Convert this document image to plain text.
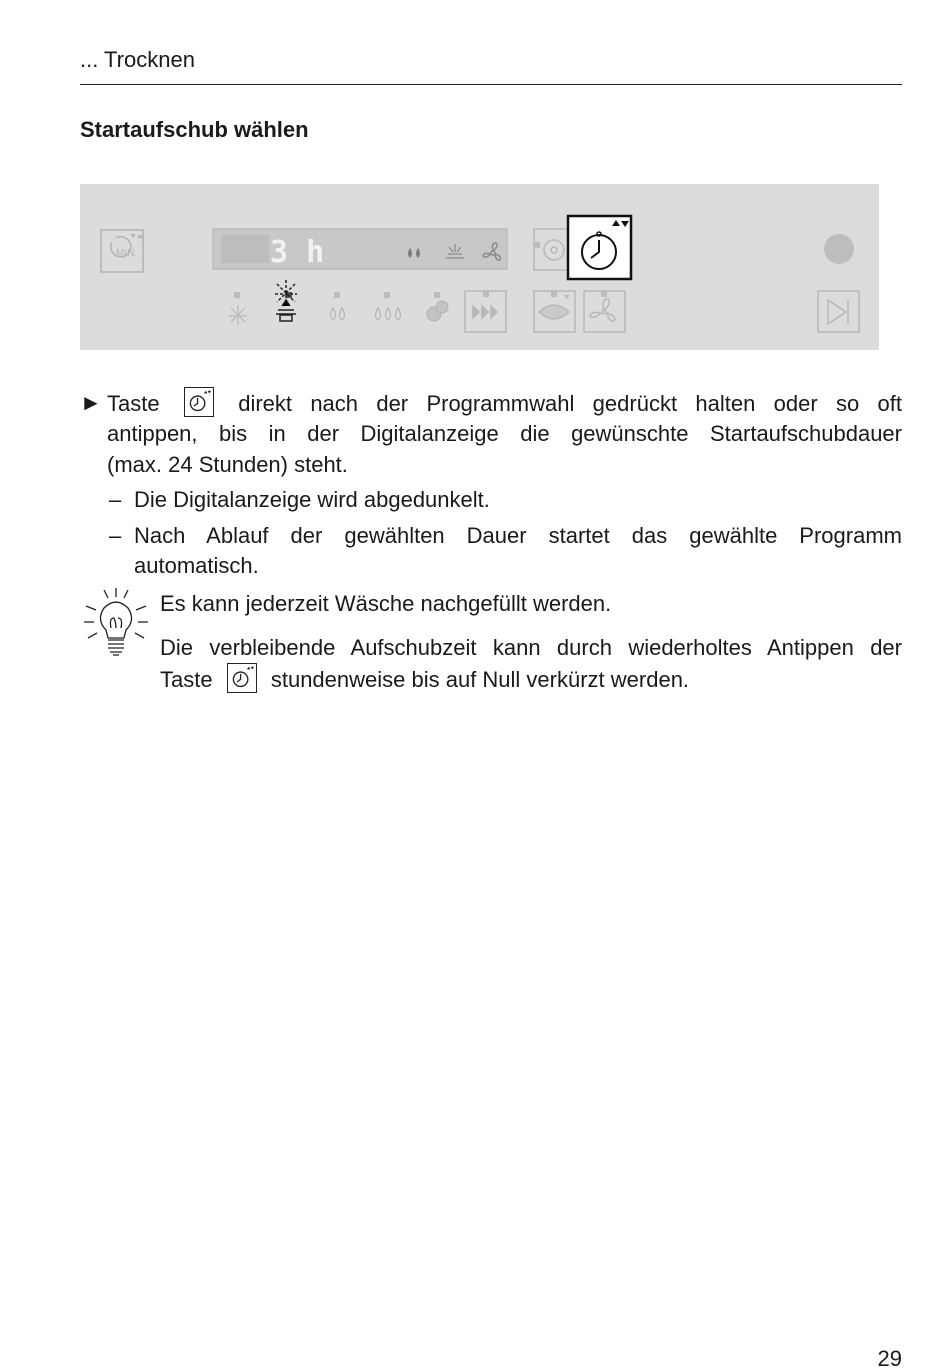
... Trocknen
Startaufschub wählen
MIN.	3 h
► Taste	direkt nach der Programmwahl gedrückt halten oder so oft
antippen, bis in der Digitalanzeige die gewünschte Startaufschubdauer
(max. 24 Stunden) steht.
– Die Digitalanzeige wird abgedunkelt.
– Nach Ablauf der gewählten Dauer startet das gewählte Programm
automatisch.
Es kann jederzeit Wäsche nachgefüllt werden.
Die verbleibende Aufschubzeit kann durch wiederholtes Antippen der
Taste	stundenweise bis auf Null verkürzt werden.
29
